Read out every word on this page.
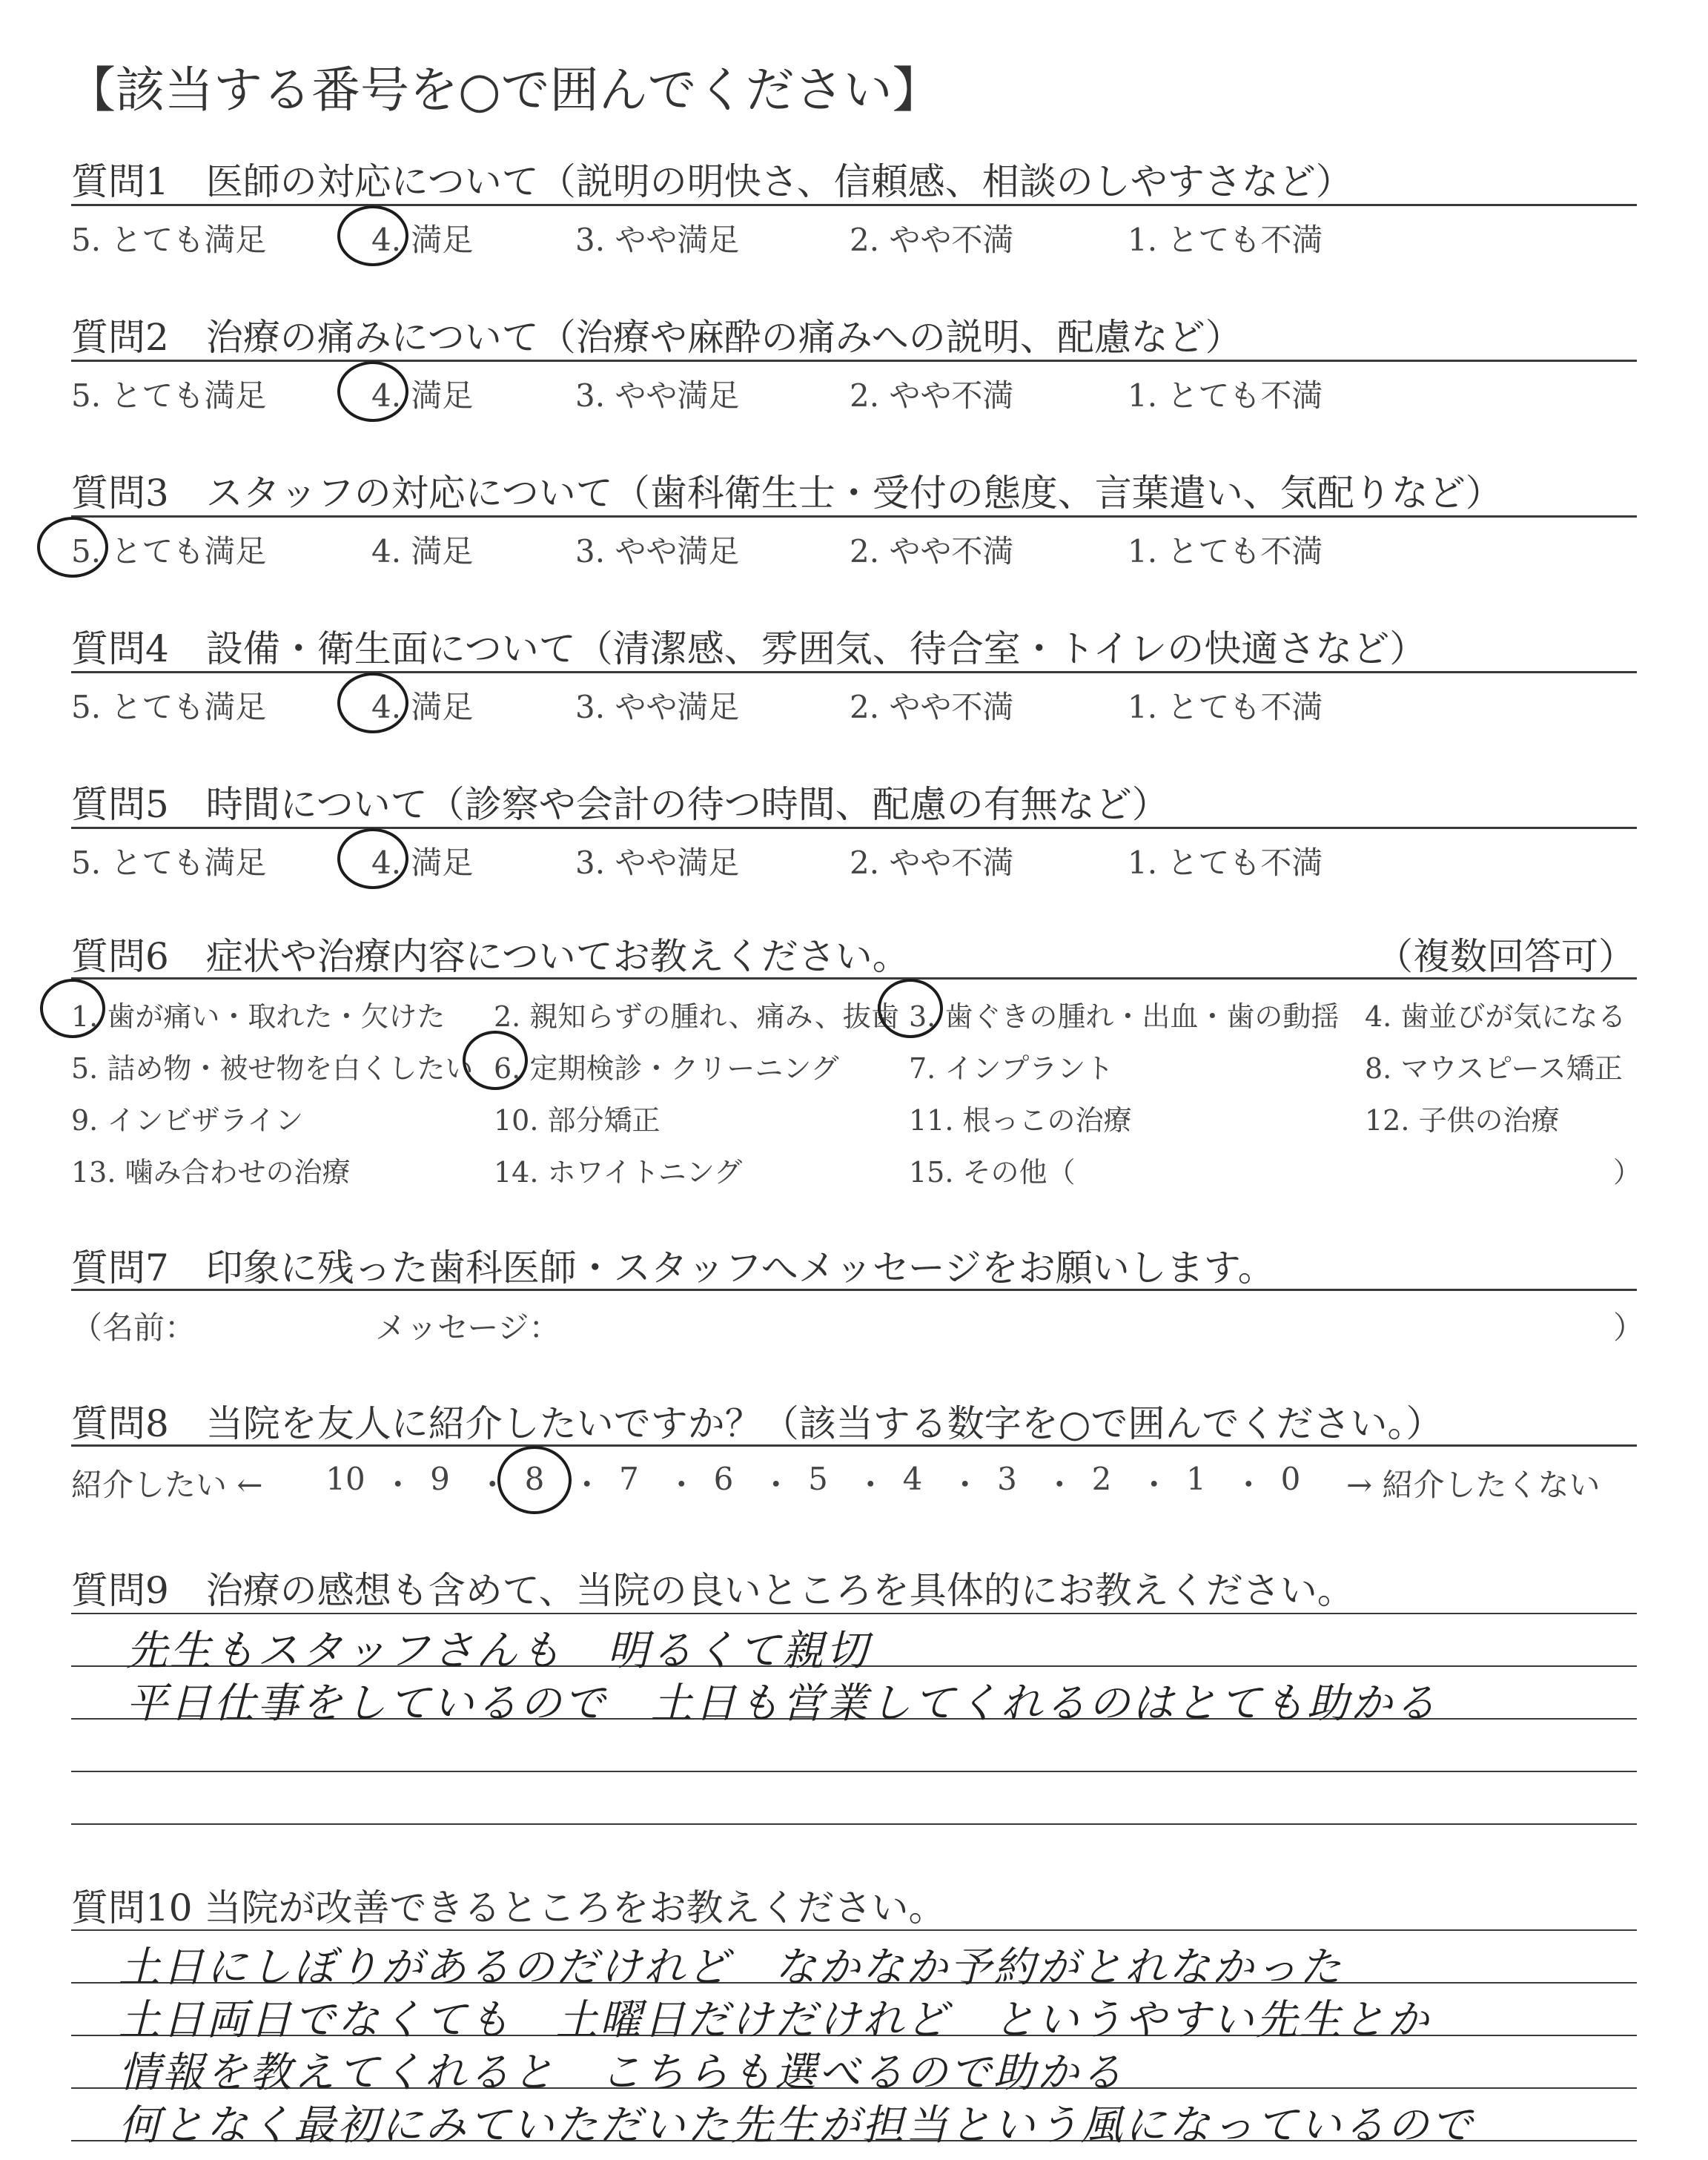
【該当する番号を○で囲んでください】
質問1　医師の対応について（説明の明快さ、信頼感、相談のしやすさなど）
5. とても満足	4. 満足	3. やや満足	2. やや不満	1. とても不満
質問2　治療の痛みについて（治療や麻酔の痛みへの説明、配慮など）
5. とても満足	4. 満足	3. やや満足	2. やや不満	1. とても不満
質問3　スタッフの対応について（歯科衛生士・受付の態度、言葉遣い、気配りなど）
5. とても満足	4. 満足	3. やや満足	2. やや不満	1. とても不満
質問4　設備・衛生面について（清潔感、雰囲気、待合室・トイレの快適さなど）
5. とても満足	4. 満足	3. やや満足	2. やや不満	1. とても不満
質問5　時間について（診察や会計の待つ時間、配慮の有無など）
5. とても満足	4. 満足	3. やや満足	2. やや不満	1. とても不満
質問6　症状や治療内容についてお教えください。	（複数回答可）
1. 歯が痛い・取れた・欠けた 2. 親知らずの腫れ、痛み、抜歯 3. 歯ぐきの腫れ・出血・歯の動揺 4. 歯並びが気になる
5. 詰め物・被せ物を白くしたい 6. 定期検診・クリーニング 7. インプラント	8. マウスピース矯正
9. インビザライン	10. 部分矯正	11. 根っこの治療	12. 子供の治療
13. 噛み合わせの治療	14. ホワイトニング	15. その他（	）
質問7　印象に残った歯科医師・スタッフへメッセージをお願いします。
（名前：	メッセージ：	）
質問8　当院を友人に紹介したいですか？（該当する数字を○で囲んでください。）
紹介したい ←	→ 紹介したくない
10 ・ 9 ・ 8 ・ 7 ・ 6 ・ 5 ・ 4 ・ 3 ・ 2 ・ 1 ・ 0
質問9　治療の感想も含めて、当院の良いところを具体的にお教えください。
先生もスタッフさんも　明るくて親切
平日仕事をしているので　土日も営業してくれるのはとても助かる
質問10 当院が改善できるところをお教えください。
土日にしぼりがあるのだけれど　なかなか予約がとれなかった
土日両日でなくても　土曜日だけだけれど　というやすい先生とか
情報を教えてくれると　こちらも選べるので助かる
何となく最初にみていただいた先生が担当という風になっているので
